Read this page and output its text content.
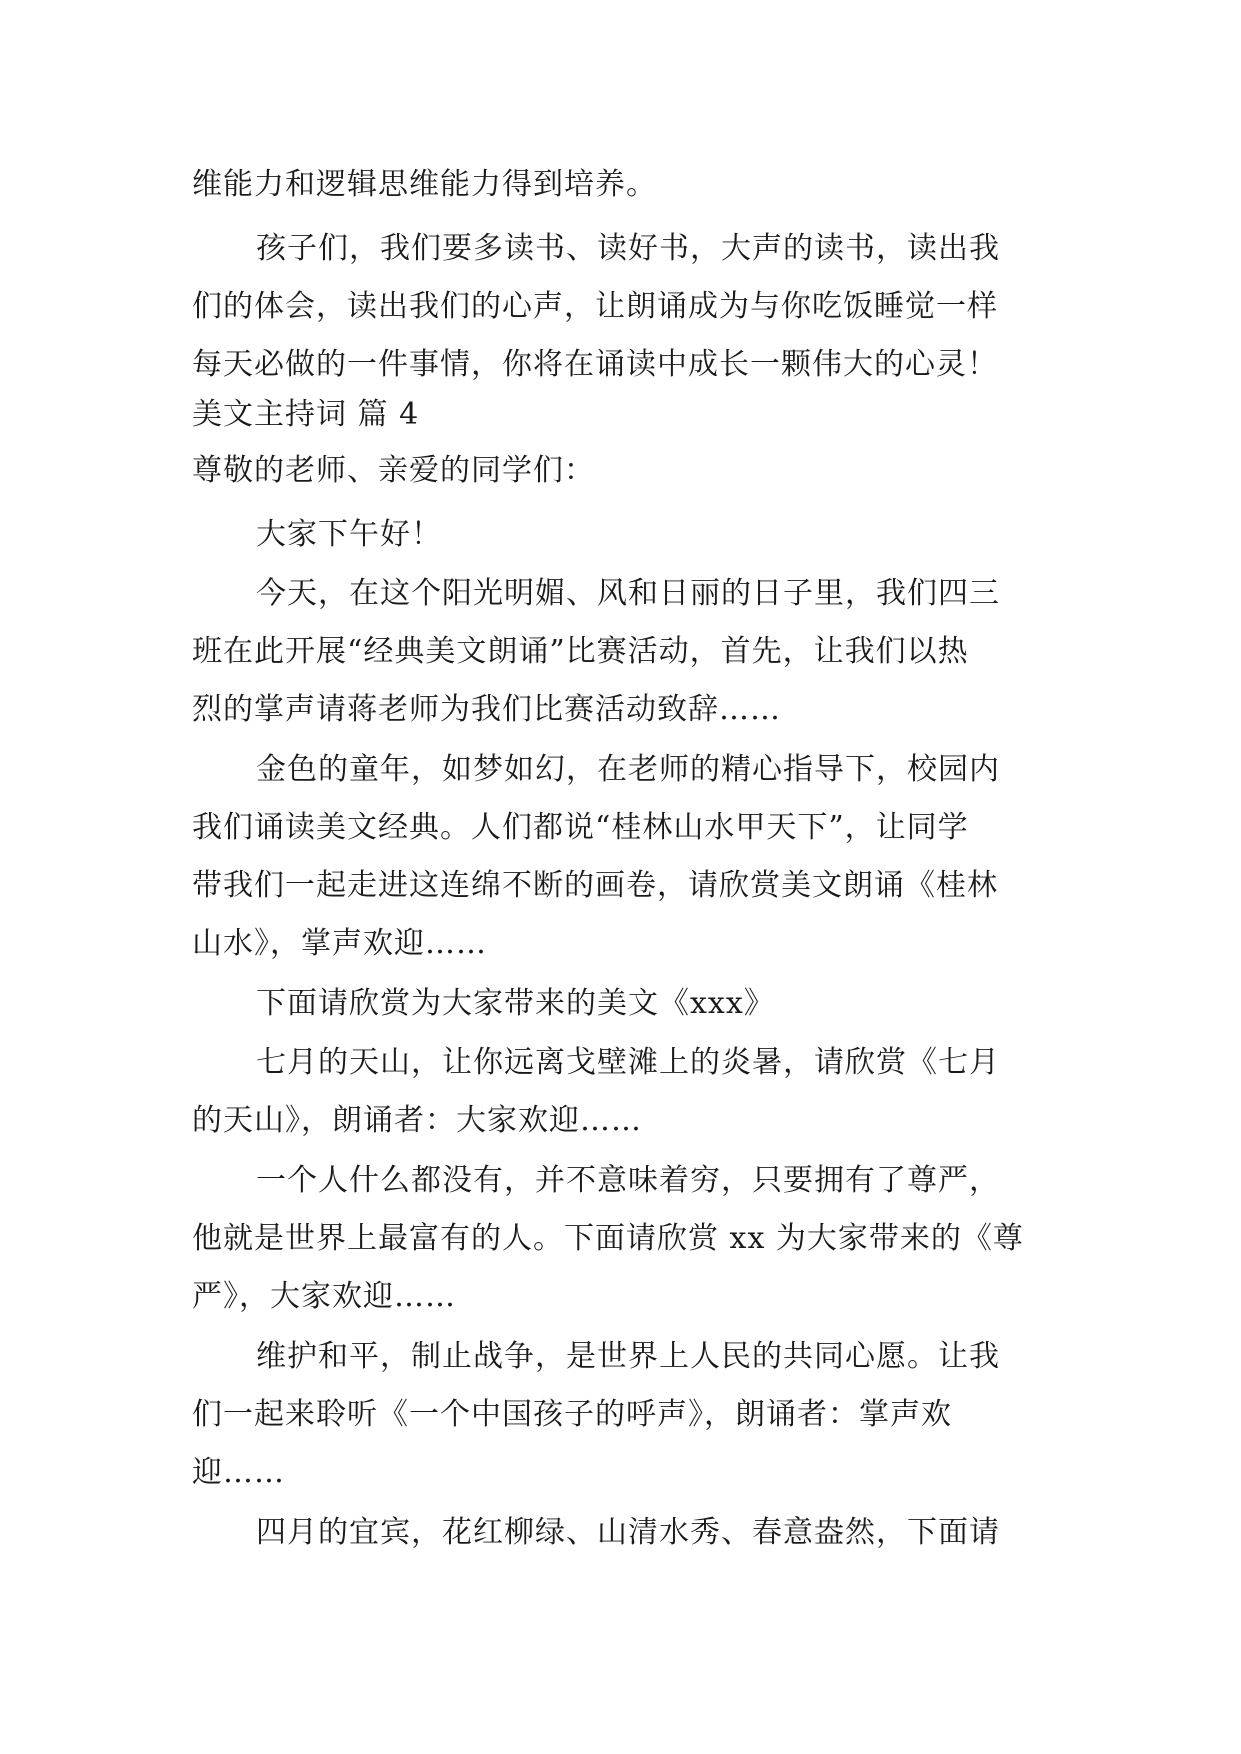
维能力和逻辑思维能力得到培养。
孩子们，我们要多读书、读好书，大声的读书，读出我
们的体会，读出我们的心声，让朗诵成为与你吃饭睡觉一样
每天必做的一件事情，你将在诵读中成长一颗伟大的心灵！
美文主持词 篇 4
尊敬的老师、亲爱的同学们：
大家下午好！
今天，在这个阳光明媚、风和日丽的日子里，我们四三
班在此开展“经典美文朗诵”比赛活动，首先，让我们以热
烈的掌声请蒋老师为我们比赛活动致辞……
金色的童年，如梦如幻，在老师的精心指导下，校园内
我们诵读美文经典。人们都说“桂林山水甲天下”，让同学
带我们一起走进这连绵不断的画卷，请欣赏美文朗诵《桂林
山水》，掌声欢迎……
下面请欣赏为大家带来的美文《xxx》
七月的天山，让你远离戈壁滩上的炎暑，请欣赏《七月
的天山》，朗诵者：大家欢迎……
一个人什么都没有，并不意味着穷，只要拥有了尊严，
他就是世界上最富有的人。下面请欣赏 xx 为大家带来的《尊
严》，大家欢迎……
维护和平，制止战争，是世界上人民的共同心愿。让我
们一起来聆听《一个中国孩子的呼声》，朗诵者：掌声欢
迎……
四月的宜宾，花红柳绿、山清水秀、春意盎然，下面请
